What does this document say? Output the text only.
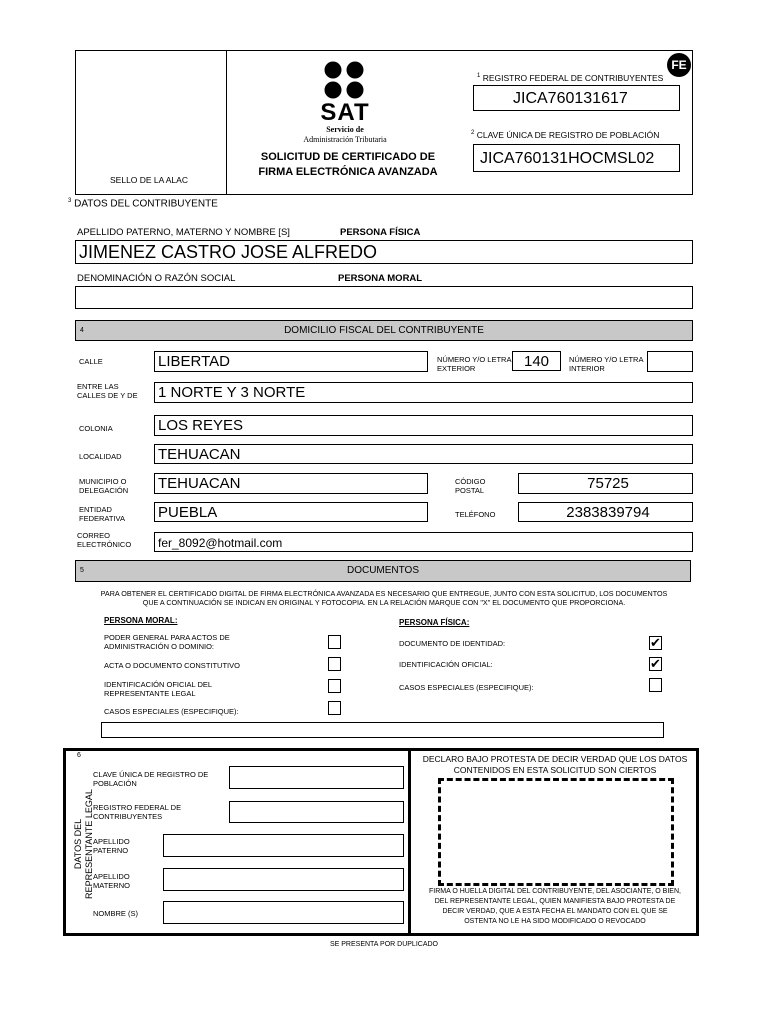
SELLO DE LA ALAC
SAT
Servicio de
Administración Tributaria
SOLICITUD DE CERTIFICADO DE
FIRMA ELECTRÓNICA AVANZADA
FE
$^1$ REGISTRO FEDERAL DE CONTRIBUYENTES
JICA760131617
$^2$ CLAVE ÚNICA DE REGISTRO DE POBLACIÓN
JICA760131HOCMSL02
$^3$ DATOS DEL CONTRIBUYENTE
APELLIDO PATERNO, MATERNO Y NOMBRE [S]	PERSONA FÍSICA
JIMENEZ CASTRO JOSE ALFREDO
DENOMINACIÓN O RAZÓN SOCIAL	PERSONA MORAL
4	DOMICILIO FISCAL DEL CONTRIBUYENTE
CALLE	LIBERTAD	NÚMERO Y/O LETRA EXTERIOR	140	NÚMERO Y/O LETRA INTERIOR
ENTRE LAS CALLES DE Y DE	1 NORTE Y 3 NORTE
COLONIA	LOS REYES
LOCALIDAD TEHUACAN
MUNICIPIO O DELEGACIÓN	TEHUACAN	CÓDIGO POSTAL	75725
ENTIDAD FEDERATIVA	PUEBLA	TELÉFONO	2383839794
CORREO ELECTRÓNICO	fer_8092@hotmail.com
5	DOCUMENTOS
PARA OBTENER EL CERTIFICADO DIGITAL DE FIRMA ELECTRÓNICA AVANZADA ES NECESARIO QUE ENTREGUE, JUNTO CON ESTA SOLICITUD, LOS DOCUMENTOS
QUE A CONTINUACIÓN SE INDICAN EN ORIGINAL Y FOTOCOPIA. EN LA RELACIÓN MARQUE CON "X" EL DOCUMENTO QUE PROPORCIONA.
PERSONA MORAL:
PODER GENERAL PARA ACTOS DE
ADMINISTRACIÓN O DOMINIO:
ACTA O DOCUMENTO CONSTITUTIVO
IDENTIFICACIÓN OFICIAL DEL
REPRESENTANTE LEGAL
CASOS ESPECIALES (ESPECIFIQUE):
PERSONA FÍSICA:
DOCUMENTO DE IDENTIDAD:	✔
IDENTIFICACIÓN OFICIAL:	✔
CASOS ESPECIALES (ESPECIFIQUE):
6
DATOS DEL REPRESENTANTE LEGAL
CLAVE ÚNICA DE REGISTRO DE
POBLACIÓN
REGISTRO FEDERAL DE
CONTRIBUYENTES
APELLIDO
PATERNO
APELLIDO
MATERNO
NOMBRE (S)
DECLARO BAJO PROTESTA DE DECIR VERDAD QUE LOS DATOS
CONTENIDOS EN ESTA SOLICITUD SON CIERTOS
FIRMA O HUELLA DIGITAL DEL CONTRIBUYENTE, DEL ASOCIANTE, O BIEN,
DEL REPRESENTANTE LEGAL, QUIEN MANIFIESTA BAJO PROTESTA DE
DECIR VERDAD, QUE A ESTA FECHA EL MANDATO CON EL QUE SE
OSTENTA NO LE HA SIDO MODIFICADO O REVOCADO
SE PRESENTA POR DUPLICADO
